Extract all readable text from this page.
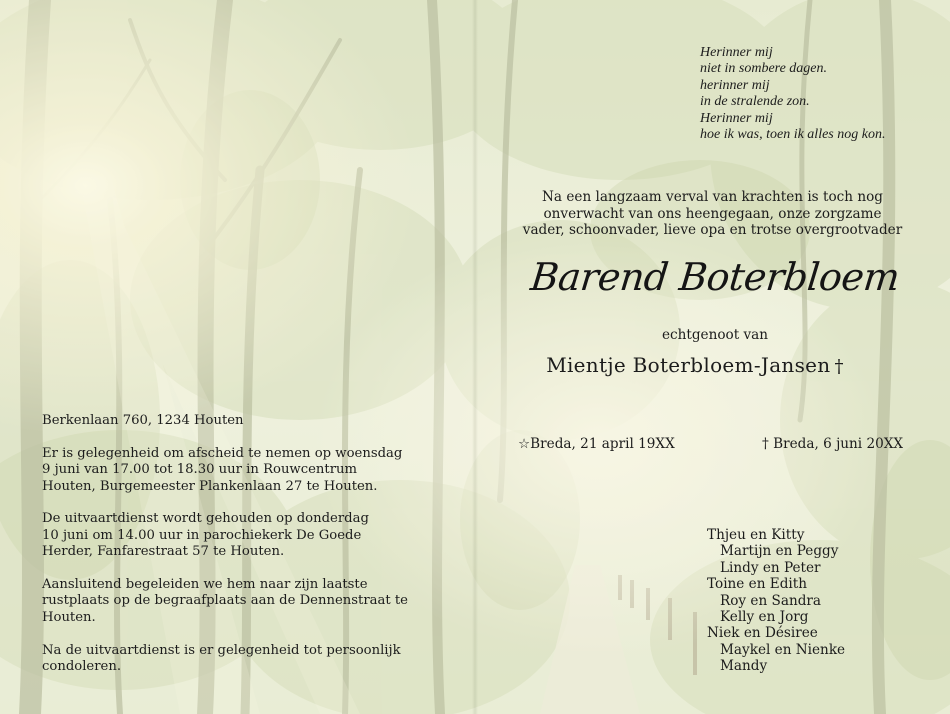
Berkenlaan 760, 1234 Houten

Er is gelegenheid om afscheid te nemen op woensdag
9 juni van 17.00 tot 18.30 uur in Rouwcentrum
Houten, Burgemeester Plankenlaan 27 te Houten.

De uitvaartdienst wordt gehouden op donderdag
10 juni om 14.00 uur in parochiekerk De Goede
Herder, Fanfarestraat 57 te Houten.

Aansluitend begeleiden we hem naar zijn laatste
rustplaats op de begraafplaats aan de Dennenstraat te
Houten.

Na de uitvaartdienst is er gelegenheid tot persoonlijk
condoleren.

Herinner mij
niet in sombere dagen.
herinner mij
in de stralende zon.
Herinner mij
hoe ik was, toen ik alles nog kon.
Na een langzaam verval van krachten is toch nog
onverwacht van ons heengegaan, onze zorgzame
vader, schoonvader, lieve opa en trotse overgrootvader
Barend Boterbloem
echtgenoot van
Mientje Boterbloem-Jansen †
☆Breda, 21 april 19XX	† Breda, 6 juni 20XX
Thjeu en Kitty
Martijn en Peggy
Lindy en Peter
Toine en Edith
Roy en Sandra
Kelly en Jorg
Niek en Désiree
Maykel en Nienke
Mandy
